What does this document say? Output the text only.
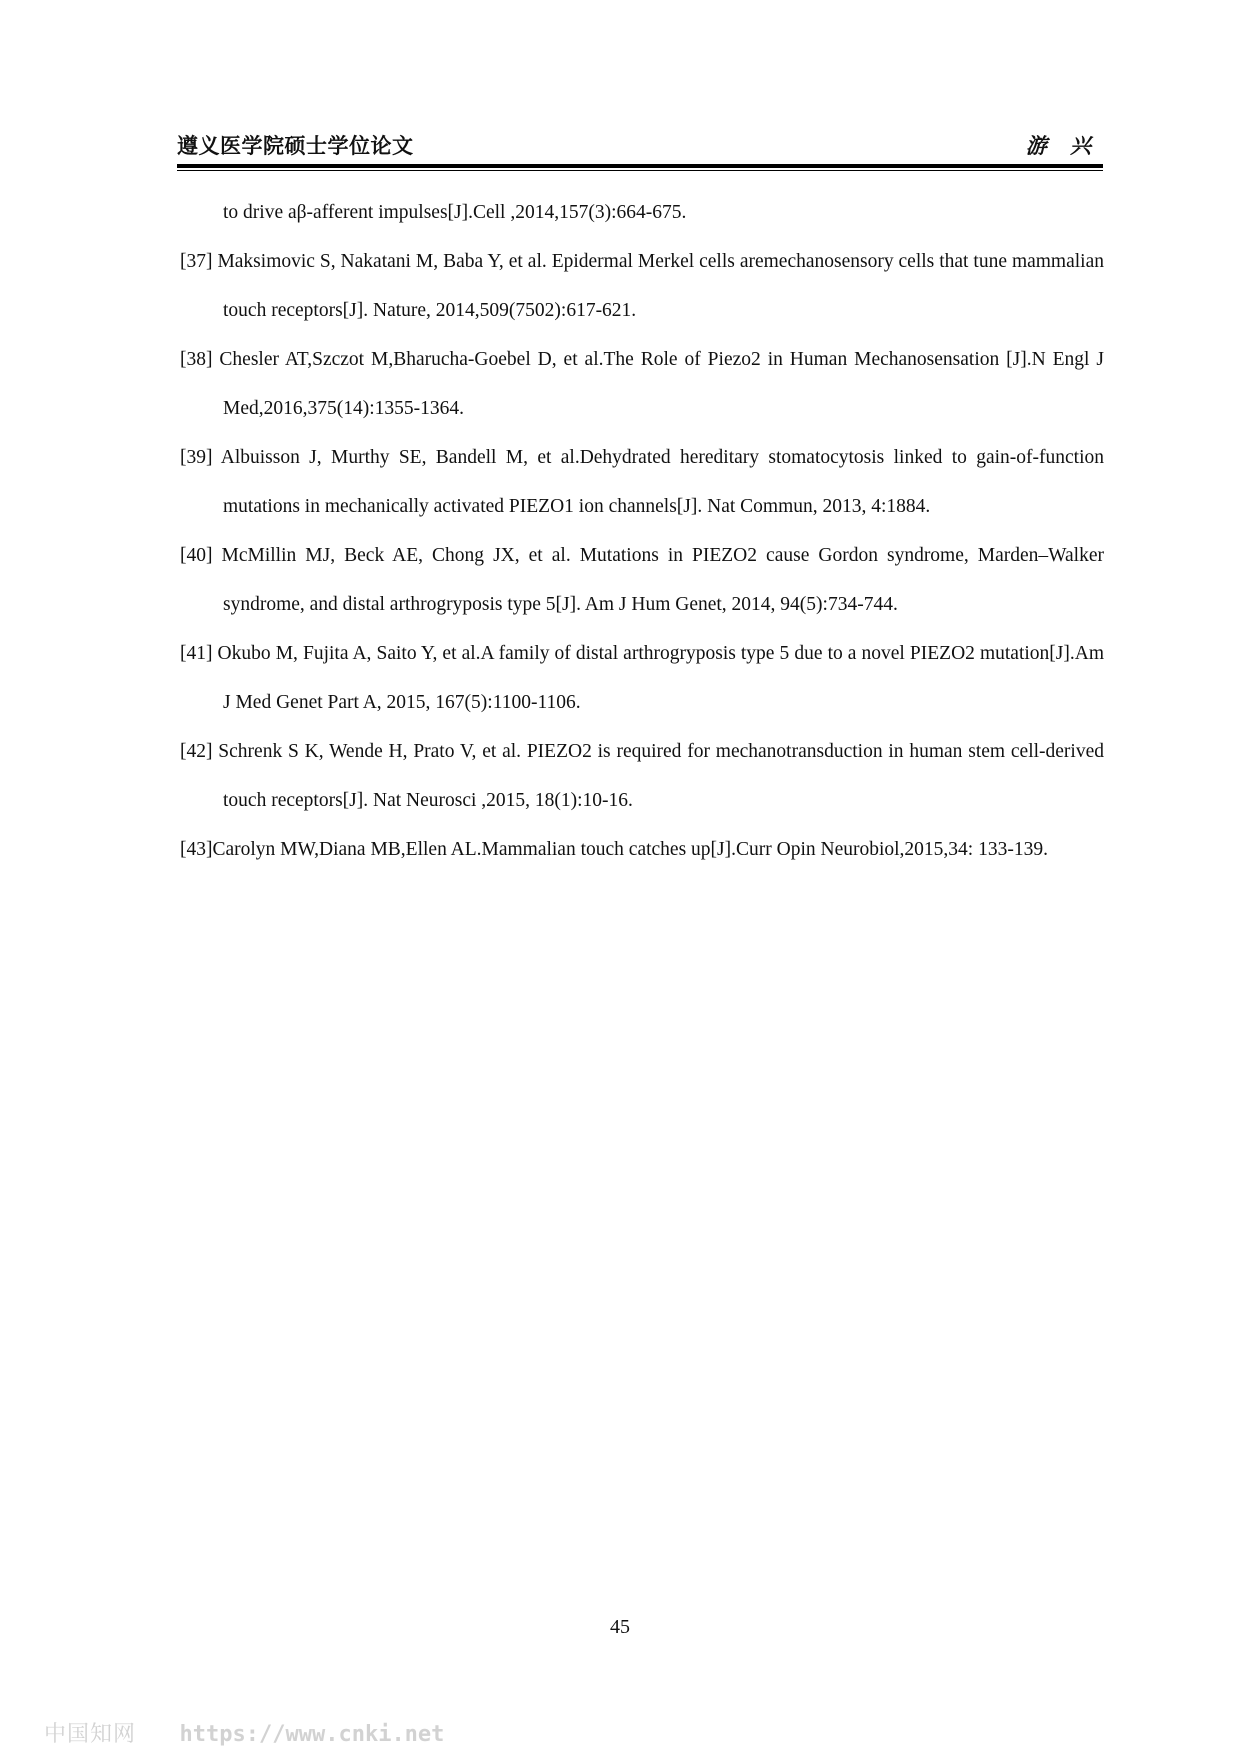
遵义医学院硕士学位论文	游 兴

to drive aβ-afferent impulses[J].Cell ,2014,157(3):664-675.

[37] Maksimovic S, Nakatani M, Baba Y, et al. Epidermal Merkel cells aremechanosensory cells that tune mammalian touch receptors[J]. Nature, 2014,509(7502):617-621.

[38] Chesler AT,Szczot M,Bharucha-Goebel D, et al.The Role of Piezo2 in Human Mechanosensation [J].N Engl J Med,2016,375(14):1355-1364.

[39] Albuisson J, Murthy SE, Bandell M, et al.Dehydrated hereditary stomatocytosis linked to gain-of-function mutations in mechanically activated PIEZO1 ion channels[J]. Nat Commun, 2013, 4:1884.

[40] McMillin MJ, Beck AE, Chong JX, et al. Mutations in PIEZO2 cause Gordon syndrome, Marden–Walker syndrome, and distal arthrogryposis type 5[J]. Am J Hum Genet, 2014, 94(5):734-744.

[41] Okubo M, Fujita A, Saito Y, et al.A family of distal arthrogryposis type 5 due to a novel PIEZO2 mutation[J].Am J Med Genet Part A, 2015, 167(5):1100-1106.

[42] Schrenk S K, Wende H, Prato V, et al. PIEZO2 is required for mechanotransduction in human stem cell-derived touch receptors[J]. Nat Neurosci ,2015, 18(1):10-16.

[43]Carolyn MW,Diana MB,Ellen AL.Mammalian touch catches up[J].Curr Opin Neurobiol,2015,34: 133-139.

45
中国知网 https://www.cnki.net
